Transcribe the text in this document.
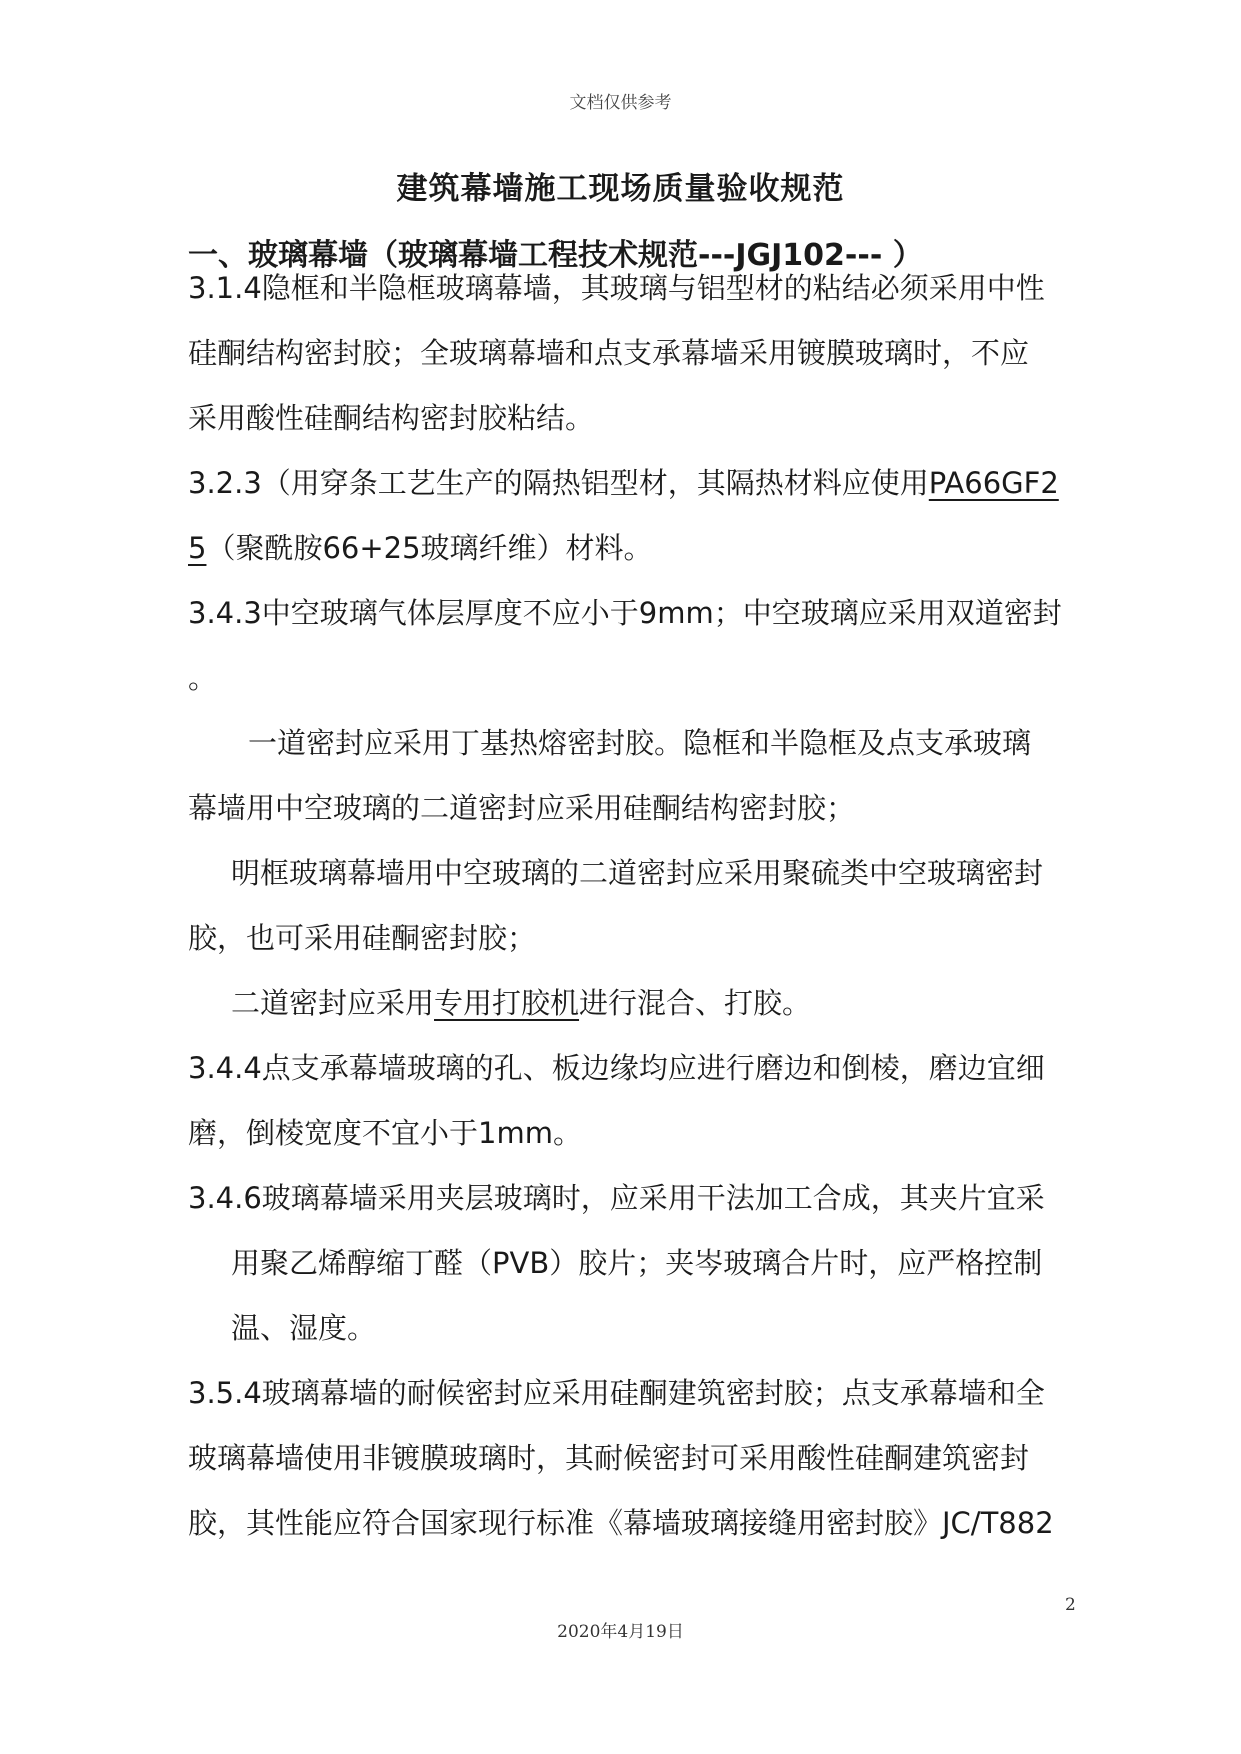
文档仅供参考
建筑幕墙施工现场质量验收规范
一、玻璃幕墙（玻璃幕墙工程技术规范---JGJ102--- ）
3.1.4隐框和半隐框玻璃幕墙，其玻璃与铝型材的粘结必须采用中性
硅酮结构密封胶；全玻璃幕墙和点支承幕墙采用镀膜玻璃时，不应
采用酸性硅酮结构密封胶粘结。
3.2.3（用穿条工艺生产的隔热铝型材，其隔热材料应使用PA66GF2
5（聚酰胺66+25玻璃纤维）材料。
3.4.3中空玻璃气体层厚度不应小于9mm；中空玻璃应采用双道密封
。
一道密封应采用丁基热熔密封胶。隐框和半隐框及点支承玻璃
幕墙用中空玻璃的二道密封应采用硅酮结构密封胶；
明框玻璃幕墙用中空玻璃的二道密封应采用聚硫类中空玻璃密封
胶，也可采用硅酮密封胶；
二道密封应采用专用打胶机进行混合、打胶。
3.4.4点支承幕墙玻璃的孔、板边缘均应进行磨边和倒棱，磨边宜细
磨，倒棱宽度不宜小于1mm。
3.4.6玻璃幕墙采用夹层玻璃时，应采用干法加工合成，其夹片宜采
用聚乙烯醇缩丁醛（PVB）胶片；夹岑玻璃合片时，应严格控制
温、湿度。
3.5.4玻璃幕墙的耐候密封应采用硅酮建筑密封胶；点支承幕墙和全
玻璃幕墙使用非镀膜玻璃时，其耐候密封可采用酸性硅酮建筑密封
胶，其性能应符合国家现行标准《幕墙玻璃接缝用密封胶》JC/T882
2
2020年4月19日
